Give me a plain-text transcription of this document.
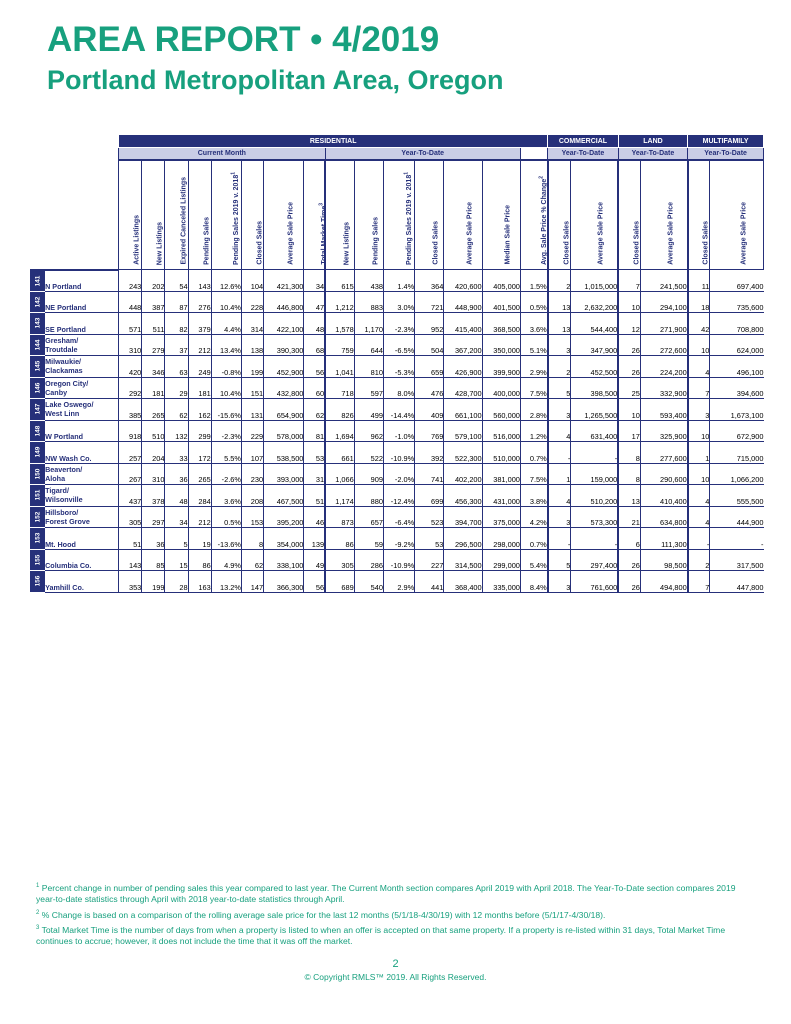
AREA REPORT • 4/2019
Portland Metropolitan Area, Oregon
		RESIDENTIAL															COMMERCIAL		LAND		MULTIFAMILY	
		Current Month								Year-To-Date							Year-To-Date		Year-To-Date		Year-To-Date	

		Active Listings	New Listings	Expired Canceled Listings	Pending Sales	Pending Sales 2019 v. 2018$^1$	Closed Sales	Average Sale Price	Total Market Time$^3$	New Listings	Pending Sales	Pending Sales 2019 v. 2018$^1$	Closed Sales	Average Sale Price	Median Sale Price	Avg. Sale Price % Change$^2$	Closed Sales	Average Sale Price	Closed Sales	Average Sale Price	Closed Sales	Average Sale Price

141	N Portland	243	202	54	143	12.6%	104	421,300	34	615	438	1.4%	364	420,600	405,000	1.5%	2	1,015,000	7	241,500	11	697,400

142	NE Portland	448	387	87	276	10.4%	228	446,800	47	1,212	883	3.0%	721	448,900	401,500	0.5%	13	2,632,200	10	294,100	18	735,600

143	SE Portland	571	511	82	379	4.4%	314	422,100	48	1,578	1,170	-2.3%	952	415,400	368,500	3.6%	13	544,400	12	271,900	42	708,800

144	Gresham/
Troutdale	310	279	37	212	13.4%	138	390,300	68	759	644	-6.5%	504	367,200	350,000	5.1%	3	347,900	26	272,600	10	624,000

145	Milwaukie/
Clackamas	420	346	63	249	-0.8%	199	452,900	56	1,041	810	-5.3%	659	426,900	399,900	2.9%	2	452,500	26	224,200	4	496,100

146	Oregon City/
Canby	292	181	29	181	10.4%	151	432,800	60	718	597	8.0%	476	428,700	400,000	7.5%	5	398,500	25	332,900	7	394,600

147	Lake Oswego/
West Linn	385	265	62	162	-15.6%	131	654,900	62	826	499	-14.4%	409	661,100	560,000	2.8%	3	1,265,500	10	593,400	3	1,673,100

148	W Portland	918	510	132	299	-2.3%	229	578,000	81	1,694	962	-1.0%	769	579,100	516,000	1.2%	4	631,400	17	325,900	10	672,900

149	NW Wash Co.	257	204	33	172	5.5%	107	538,500	53	661	522	-10.9%	392	522,300	510,000	0.7%	-	-	8	277,600	1	715,000

150	Beaverton/
Aloha	267	310	36	265	-2.6%	230	393,000	31	1,066	909	-2.0%	741	402,200	381,000	7.5%	1	159,000	8	290,600	10	1,066,200

151	Tigard/
Wilsonville	437	378	48	284	3.6%	208	467,500	51	1,174	880	-12.4%	699	456,300	431,000	3.8%	4	510,200	13	410,400	4	555,500

152	Hillsboro/
Forest Grove	305	297	34	212	0.5%	153	395,200	46	873	657	-6.4%	523	394,700	375,000	4.2%	3	573,300	21	634,800	4	444,900

153	Mt. Hood	51	36	5	19	-13.6%	8	354,000	139	86	59	-9.2%	53	296,500	298,000	0.7%	-	-	6	111,300	-	-

155	Columbia Co.	143	85	15	86	4.9%	62	338,100	49	305	286	-10.9%	227	314,500	299,000	5.4%	5	297,400	26	98,500	2	317,500

156	Yamhill Co.	353	199	28	163	13.2%	147	366,300	56	689	540	2.9%	441	368,400	335,000	8.4%	3	761,600	26	494,800	7	447,800
$^1$ Percent change in number of pending sales this year compared to last year. The Current Month section compares April 2019 with April 2018. The Year-To-Date section compares 2019 year-to-date statistics through April with 2018 year-to-date statistics through April.
$^2$ % Change is based on a comparison of the rolling average sale price for the last 12 months (5/1/18-4/30/19) with 12 months before (5/1/17-4/30/18).
$^3$ Total Market Time is the number of days from when a property is listed to when an offer is accepted on that same property. If a property is re-listed within 31 days, Total Market Time continues to accrue; however, it does not include the time that it was off the market.
2
© Copyright RMLS™ 2019. All Rights Reserved.
